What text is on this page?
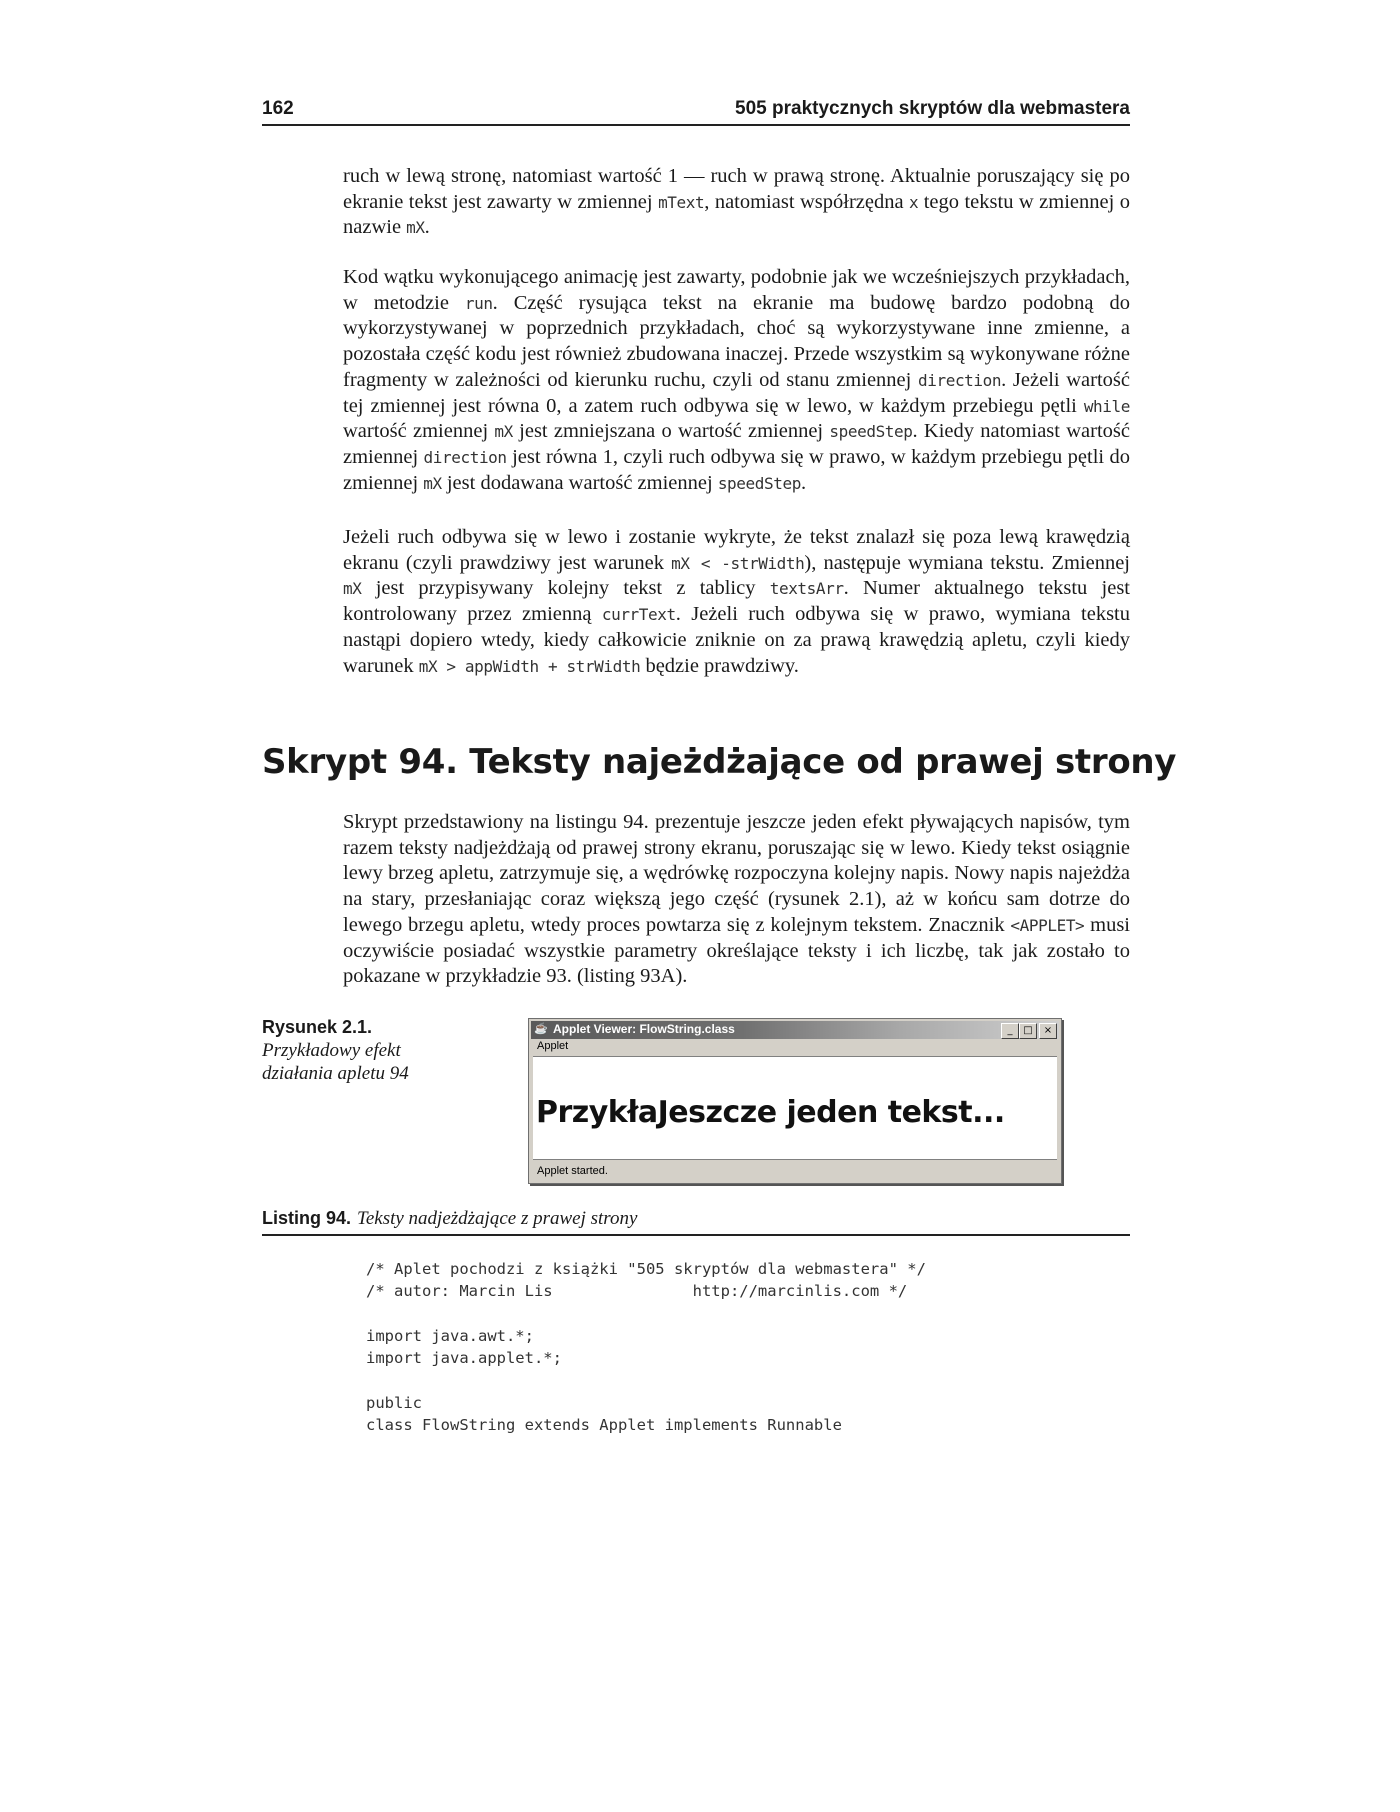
162	505 praktycznych skryptów dla webmastera

ruch w lewą stronę, natomiast wartość 1 — ruch w prawą stronę. Aktualnie poruszający się po ekranie tekst jest zawarty w zmiennej mText, natomiast współrzędna x tego tekstu w zmiennej o nazwie mX.

Kod wątku wykonującego animację jest zawarty, podobnie jak we wcześniejszych przykładach, w metodzie run. Część rysująca tekst na ekranie ma budowę bardzo podobną do wykorzystywanej w poprzednich przykładach, choć są wykorzystywane inne zmienne, a pozostała część kodu jest również zbudowana inaczej. Przede wszystkim są wykonywane różne fragmenty w zależności od kierunku ruchu, czyli od stanu zmiennej direction. Jeżeli wartość tej zmiennej jest równa 0, a zatem ruch odbywa się w lewo, w każdym przebiegu pętli while wartość zmiennej mX jest zmniejszana o wartość zmiennej speedStep. Kiedy natomiast wartość zmiennej direction jest równa 1, czyli ruch odbywa się w prawo, w każdym przebiegu pętli do zmiennej mX jest dodawana wartość zmiennej speedStep.

Jeżeli ruch odbywa się w lewo i zostanie wykryte, że tekst znalazł się poza lewą krawędzią ekranu (czyli prawdziwy jest warunek mX < -strWidth), następuje wymiana tekstu. Zmiennej mX jest przypisywany kolejny tekst z tablicy textsArr. Numer aktualnego tekstu jest kontrolowany przez zmienną currText. Jeżeli ruch odbywa się w prawo, wymiana tekstu nastąpi dopiero wtedy, kiedy całkowicie zniknie on za prawą krawędzią apletu, czyli kiedy warunek mX > appWidth + strWidth będzie prawdziwy.

Skrypt 94. Teksty najeżdżające od prawej strony

Skrypt przedstawiony na listingu 94. prezentuje jeszcze jeden efekt pływających napisów, tym razem teksty nadjeżdżają od prawej strony ekranu, poruszając się w lewo. Kiedy tekst osiągnie lewy brzeg apletu, zatrzymuje się, a wędrówkę rozpoczyna kolejny napis. Nowy napis najeżdża na stary, przesłaniając coraz większą jego część (rysunek 2.1), aż w końcu sam dotrze do lewego brzegu apletu, wtedy proces powtarza się z kolejnym tekstem. Znacznik <APPLET> musi oczywiście posiadać wszystkie parametry określające teksty i ich liczbę, tak jak zostało to pokazane w przykładzie 93. (listing 93A).

Rysunek 2.1.
Przykładowy efekt działania apletu 94
☕ Applet Viewer: FlowString.class	_	□	×
Applet
PrzykłaJeszcze jeden tekst...
Applet started.
Listing 94. Teksty nadjeżdżające z prawej strony
/* Aplet pochodzi z książki "505 skryptów dla webmastera" */
/* autor: Marcin Lis               http://marcinlis.com */

import java.awt.*;
import java.applet.*;

public
class FlowString extends Applet implements Runnable
